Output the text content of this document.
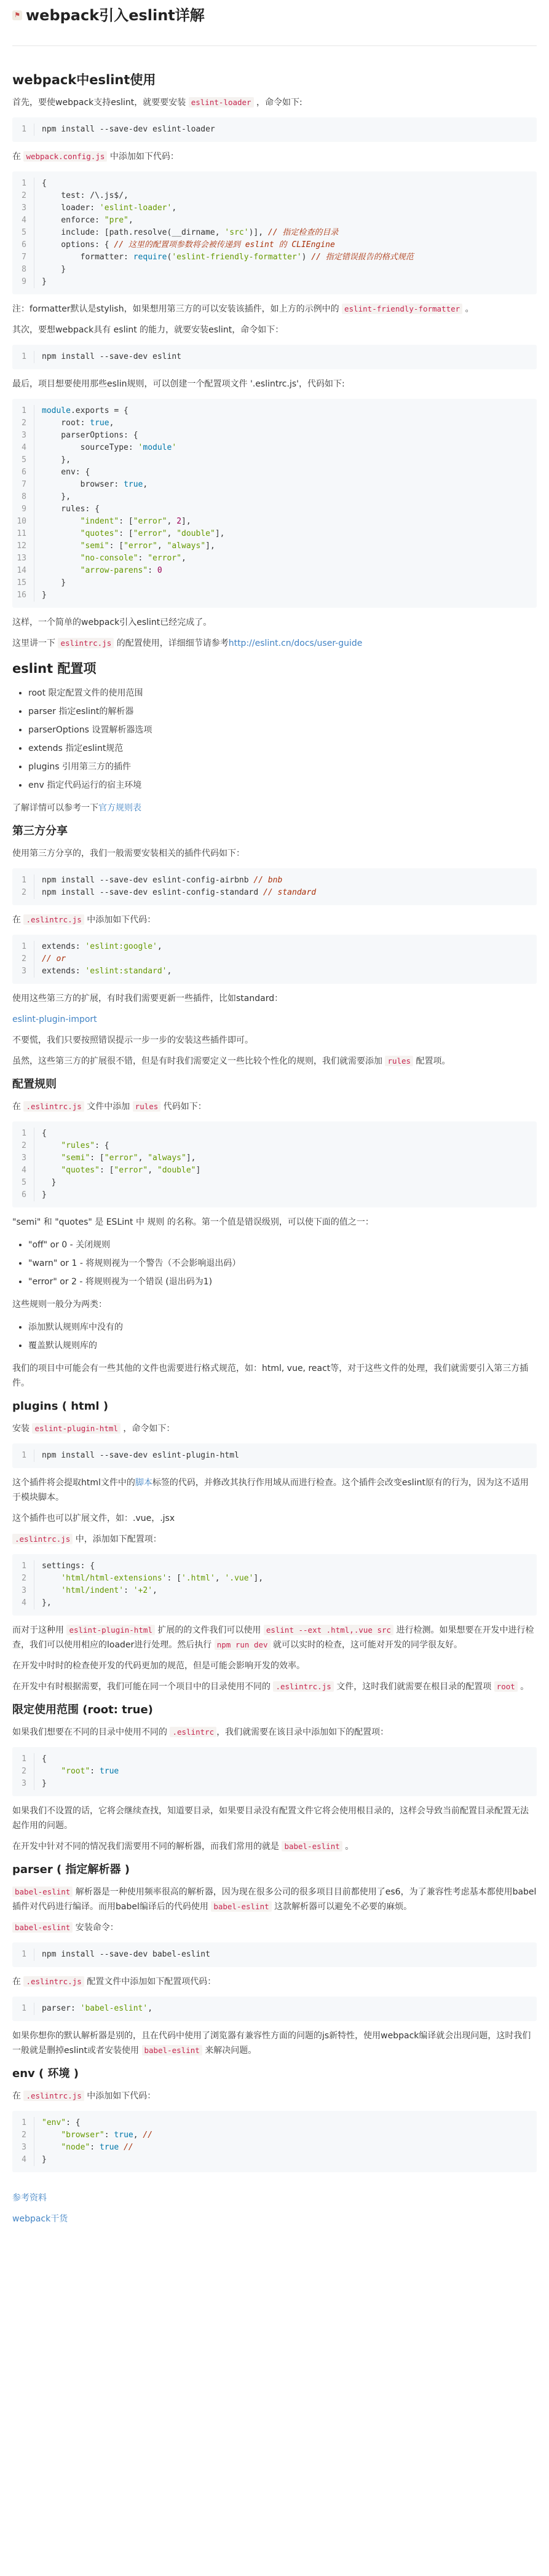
⚑ webpack引入eslint详解
webpack中eslint使用

首先，要使webpack支持eslint，就要要安装 eslint-loader ，命令如下:

1	npm install --save-dev eslint-loader

在 webpack.config.js 中添加如下代码：

1	{
2	test: /\.js$/,
3	loader: 'eslint-loader',
4	enforce: "pre",
5	include: [path.resolve(__dirname, 'src')], // 指定检查的目录
6	options: { // 这里的配置项参数将会被传递到 eslint 的 CLIEngine
7	formatter: require('eslint-friendly-formatter') // 指定错误报告的格式规范
8	}
9	}

注：formatter默认是stylish，如果想用第三方的可以安装该插件，如上方的示例中的 eslint-friendly-formatter 。

其次，要想webpack具有 eslint 的能力，就要安装eslint，命令如下：

1	npm install --save-dev eslint

最后，项目想要使用那些eslin规则，可以创建一个配置项文件 '.eslintrc.js'，代码如下:

1	module.exports = {
2	root: true,
3	parserOptions: {
4	sourceType: 'module'
5	},
6	env: {
7	browser: true,
8	},
9	rules: {
10	"indent": ["error", 2],
11	"quotes": ["error", "double"],
12	"semi": ["error", "always"],
13	"no-console": "error",
14	"arrow-parens": 0
15	}
16	}

这样，一个简单的webpack引入eslint已经完成了。

这里讲一下 eslintrc.js 的配置使用，详细细节请参考http://eslint.cn/docs/user-guide

eslint 配置项
• root 限定配置文件的使用范围
• parser 指定eslint的解析器
• parserOptions 设置解析器选项
• extends 指定eslint规范
• plugins 引用第三方的插件
• env 指定代码运行的宿主环境

了解详情可以参考一下官方规则表

第三方分享

使用第三方分享的，我们一般需要安装相关的插件代码如下：

1	npm install --save-dev eslint-config-airbnb // bnb
2	npm install --save-dev eslint-config-standard // standard

在 .eslintrc.js 中添加如下代码：

1	extends: 'eslint:google',
2	// or
3	extends: 'eslint:standard',

使用这些第三方的扩展，有时我们需要更新一些插件，比如standard：

eslint-plugin-import

不要慌，我们只要按照错误提示一步一步的安装这些插件即可。

虽然，这些第三方的扩展很不错，但是有时我们需要定义一些比较个性化的规则，我们就需要添加 rules 配置项。

配置规则

在 .eslintrc.js 文件中添加 rules 代码如下：

1	{
2	"rules": {
3	"semi": ["error", "always"],
4	"quotes": ["error", "double"]
5	}
6	}

"semi" 和 "quotes" 是 ESLint 中 规则 的名称。第一个值是错误级别，可以使下面的值之一：

• "off" or 0 - 关闭规则
• "warn" or 1 - 将规则视为一个警告（不会影响退出码）
• "error" or 2 - 将规则视为一个错误 (退出码为1)

这些规则一般分为两类：

• 添加默认规则库中没有的
• 覆盖默认规则库的

我们的项目中可能会有一些其他的文件也需要进行格式规范，如：html, vue, react等，对于这些文件的处理，我们就需要引入第三方插件。

plugins ( html )

安装 eslint-plugin-html ，命令如下：

1	npm install --save-dev eslint-plugin-html

这个插件将会提取html文件中的脚本标签的代码，并修改其执行作用域从而进行检查。这个插件会改变eslint原有的行为，因为这不适用于模块脚本。

这个插件也可以扩展文件，如：.vue，.jsx

.eslintrc.js 中，添加如下配置项：

1	settings: {
2	'html/html-extensions': ['.html', '.vue'],
3	'html/indent': '+2',
4	},

而对于这种用 eslint-plugin-html 扩展的的文件我们可以使用 eslint --ext .html,.vue src 进行检测。如果想要在开发中进行检查，我们可以使用相应的loader进行处理。然后执行 npm run dev 就可以实时的检查，这可能对开发的同学很友好。

在开发中时时的检查使开发的代码更加的规范，但是可能会影响开发的效率。

在开发中有时根据需要，我们可能在同一个项目中的目录使用不同的 .eslintrc.js 文件，这时我们就需要在根目录的配置项 root 。

限定使用范围 (root: true)

如果我们想要在不同的目录中使用不同的 .eslintrc ，我们就需要在该目录中添加如下的配置项：

1	{
2	"root": true
3	}

如果我们不设置的话，它将会继续查找，知道要目录，如果要目录没有配置文件它将会使用根目录的，这样会导致当前配置目录配置无法起作用的问题。

在开发中针对不同的情况我们需要用不同的解析器，而我们常用的就是 babel-eslint 。

parser ( 指定解析器 )

babel-eslint 解析器是一种使用频率很高的解析器，因为现在很多公司的很多项目目前都使用了es6，为了兼容性考虑基本都使用babel插件对代码进行编译。而用babel编译后的代码使用 babel-eslint 这款解析器可以避免不必要的麻烦。

babel-eslint 安装命令：

1	npm install --save-dev babel-eslint

在 .eslintrc.js 配置文件中添加如下配置项代码：

1	parser: 'babel-eslint',

如果你想你的默认解析器是别的，且在代码中使用了浏览器有兼容性方面的问题的js新特性，使用webpack编译就会出现问题，这时我们一般就是删掉eslint或者安装使用 babel-eslint 来解决问题。

env ( 环境 )

在 .eslintrc.js 中添加如下代码：

1	"env": {
2	"browser": true, //
3	"node": true //
4	}

参考资料

webpack干货
